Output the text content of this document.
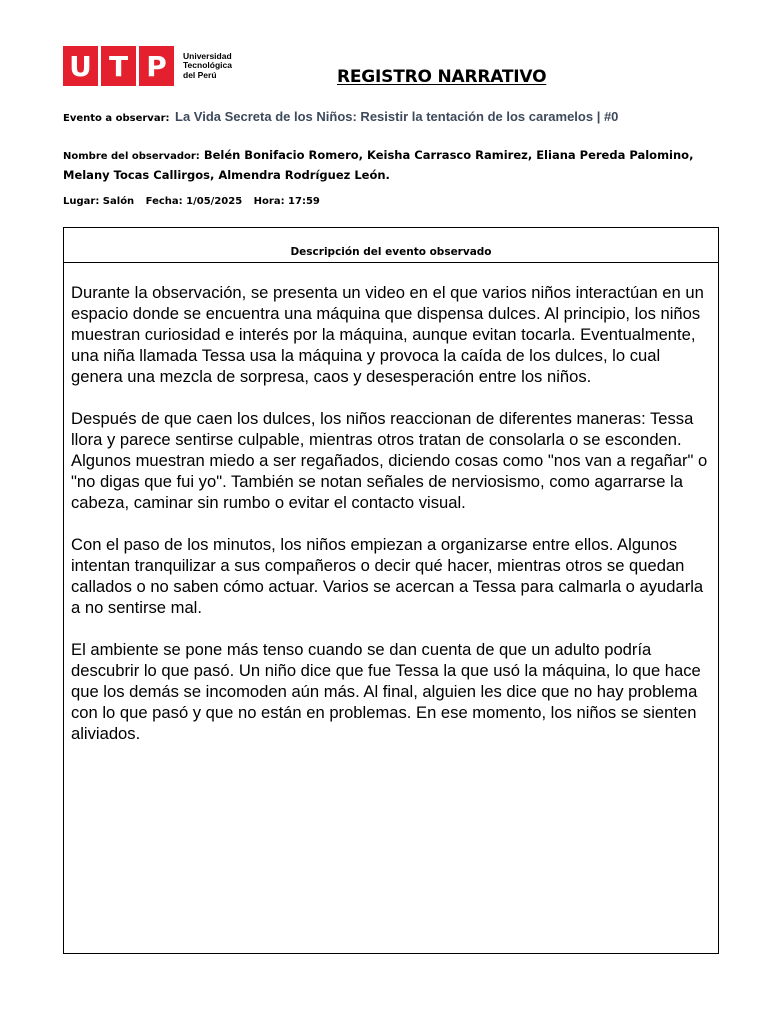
U T P	Universidad
Tecnológica
del Perú	REGISTRO NARRATIVO
Evento a observar: La Vida Secreta de los Niños: Resistir la tentación de los caramelos | #0
Nombre del observador: Belén Bonifacio Romero, Keisha Carrasco Ramirez, Eliana Pereda Palomino, Melany Tocas Callirgos, Almendra Rodríguez León.
Lugar: Salón Fecha: 1/05/2025 Hora: 17:59
Descripción del evento observado

Durante la observación, se presenta un video en el que varios niños interactúan en un espacio donde se encuentra una máquina que dispensa dulces. Al principio, los niños muestran curiosidad e interés por la máquina, aunque evitan tocarla. Eventualmente, una niña llamada Tessa usa la máquina y provoca la caída de los dulces, lo cual genera una mezcla de sorpresa, caos y desesperación entre los niños.

Después de que caen los dulces, los niños reaccionan de diferentes maneras: Tessa llora y parece sentirse culpable, mientras otros tratan de consolarla o se esconden. Algunos muestran miedo a ser regañados, diciendo cosas como "nos van a regañar" o "no digas que fui yo". También se notan señales de nerviosismo, como agarrarse la cabeza, caminar sin rumbo o evitar el contacto visual.

Con el paso de los minutos, los niños empiezan a organizarse entre ellos. Algunos intentan tranquilizar a sus compañeros o decir qué hacer, mientras otros se quedan callados o no saben cómo actuar. Varios se acercan a Tessa para calmarla o ayudarla a no sentirse mal.

El ambiente se pone más tenso cuando se dan cuenta de que un adulto podría descubrir lo que pasó. Un niño dice que fue Tessa la que usó la máquina, lo que hace que los demás se incomoden aún más. Al final, alguien les dice que no hay problema con lo que pasó y que no están en problemas. En ese momento, los niños se sienten aliviados.
